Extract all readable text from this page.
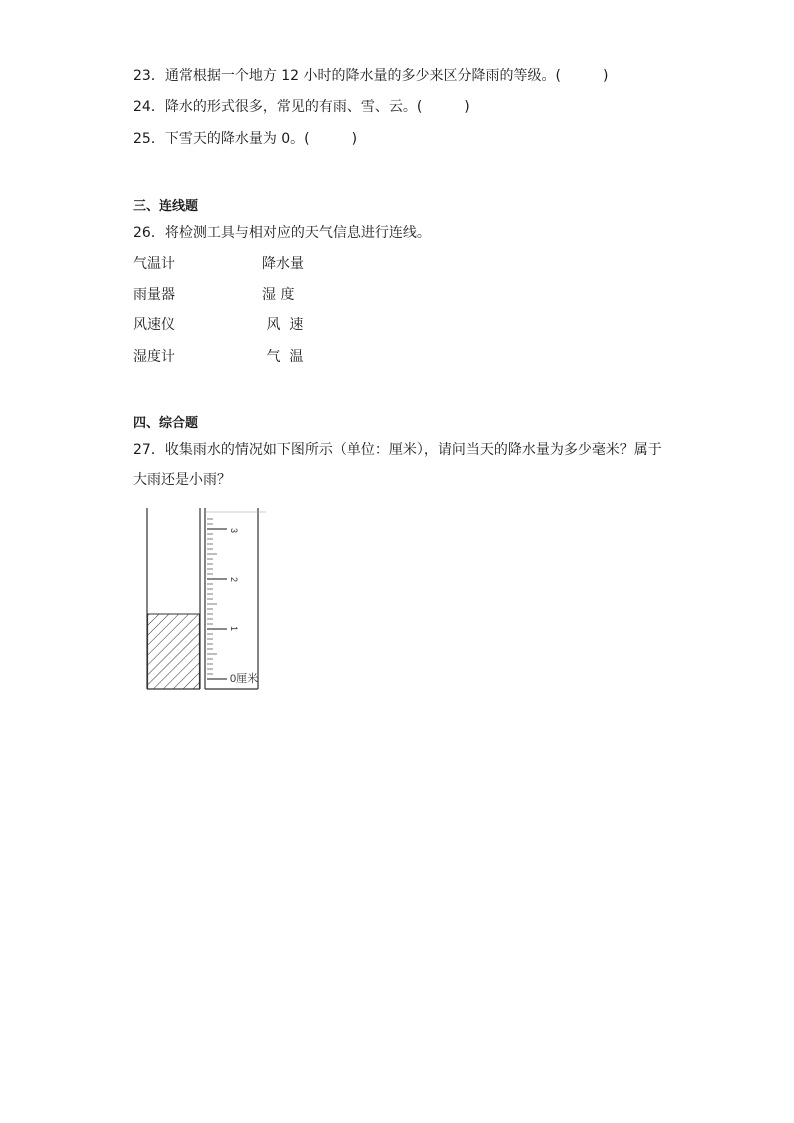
23．通常根据一个地方 12 小时的降水量的多少来区分降雨的等级。(　　　)
24．降水的形式很多，常见的有雨、雪、云。(　　　)
25．下雪天的降水量为 0。(　　　)
三、连线题
26．将检测工具与相对应的天气信息进行连线。
气温计	降水量
雨量器	湿 度
风速仪	风  速
湿度计	气  温
四、综合题
27．收集雨水的情况如下图所示（单位：厘米），请问当天的降水量为多少毫米？属于
大雨还是小雨？
3
2
1
0厘米
